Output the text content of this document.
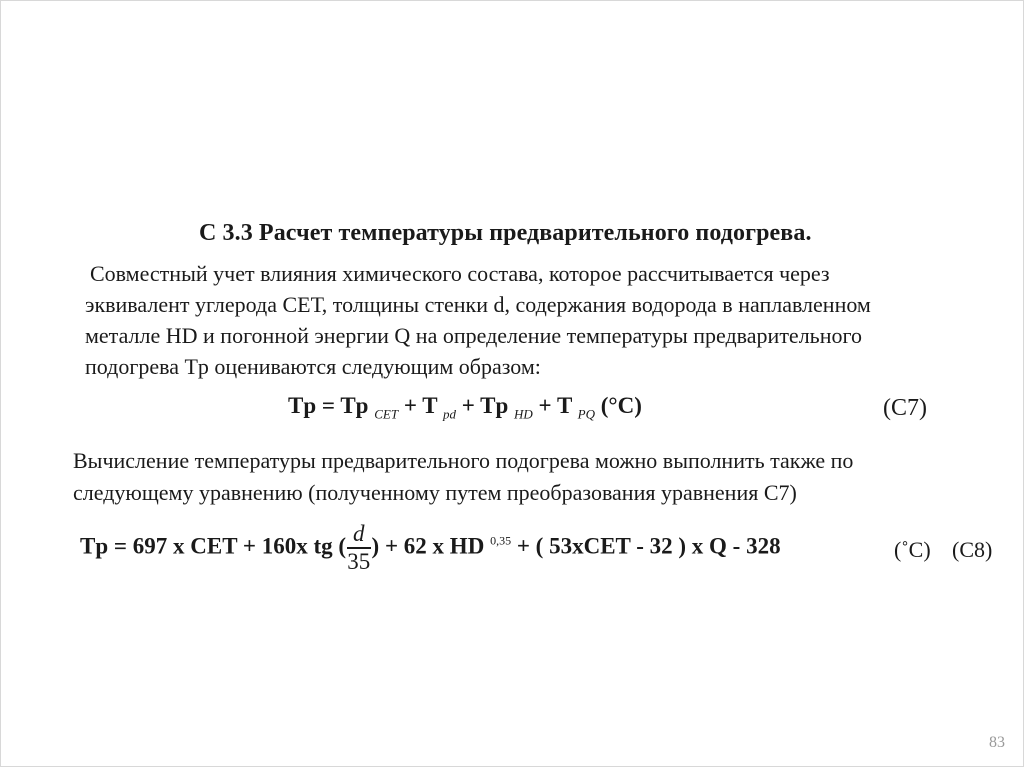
С 3.3 Расчет температуры предварительного подогрева.

Совместный учет влияния химического состава, которое рассчитывается через
эквивалент углерода СЕТ, толщины стенки d, содержания водорода в наплавленном
металле HD и погонной энергии Q на определение температуры предварительного
подогрева Tp оцениваются следующим образом:

Tp = Tp $_{CET}$ + T $_{pd}$ + Tp $_{HD}$ + T $_{PQ}$ (°C)	(C7)

Вычисление температуры предварительного подогрева можно выполнить также по
следующему уравнению (полученному путем преобразования уравнения С7)

Tp = 697 x CET + 160x tg ( $\frac{d}{35}$ ) + 62 x HD $^{0,35}$ + ( 53xCET - 32 ) x Q - 328	(˚C) (C8)
83
